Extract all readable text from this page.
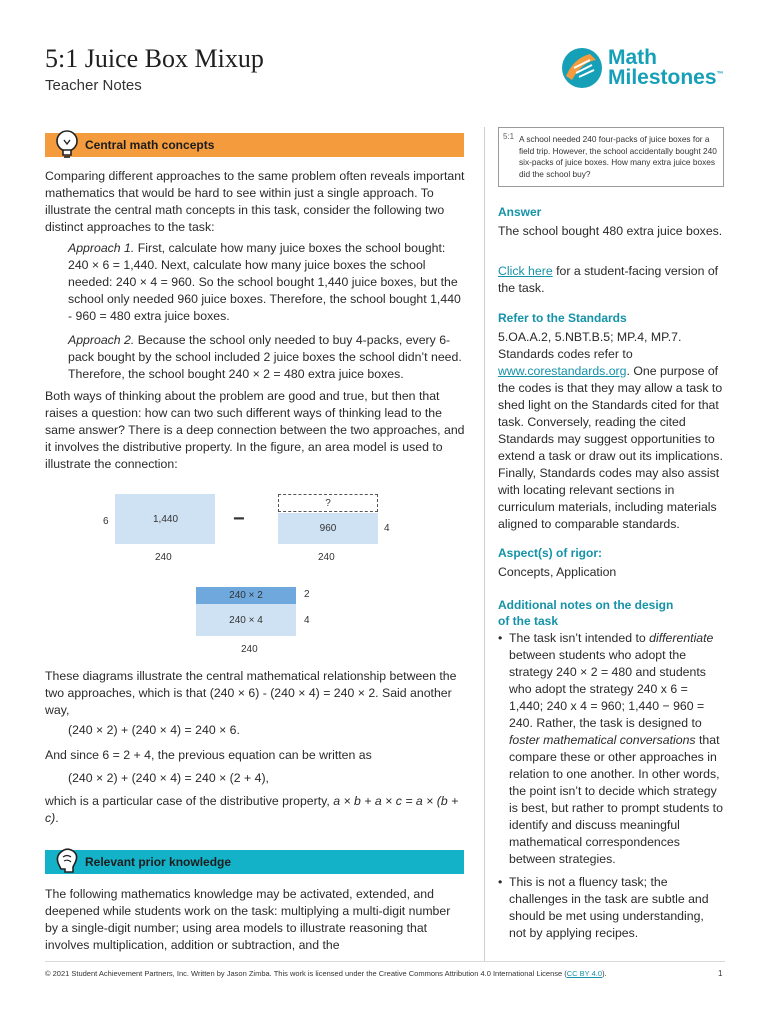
5:1 Juice Box Mixup
Teacher Notes
Math
Milestones™
Central math concepts
Comparing different approaches to the same problem often reveals important mathematics that would be hard to see within just a single approach. To illustrate the central math concepts in this task, consider the following two distinct approaches to the task:
Approach 1. First, calculate how many juice boxes the school bought: 240 × 6 = 1,440. Next, calculate how many juice boxes the school needed: 240 × 4 = 960. So the school bought 1,440 juice boxes, but the school only needed 960 juice boxes. Therefore, the school bought 1,440 - 960 = 480 extra juice boxes.
Approach 2. Because the school only needed to buy 4-packs, every 6-pack bought by the school included 2 juice boxes the school didn’t need. Therefore, the school bought 240 × 2 = 480 extra juice boxes.
Both ways of thinking about the problem are good and true, but then that raises a question: how can two such different ways of thinking lead to the same answer? There is a deep connection between the two approaches, and it involves the distributive property. In the figure, an area model is used to illustrate the connection:
6	1,440
240
−
?
960	4
240
240 × 2	2
240 × 4	4
240
These diagrams illustrate the central mathematical relationship between the two approaches, which is that (240 × 6) - (240 × 4) = 240 × 2. Said another way,
(240 × 2) + (240 × 4) = 240 × 6.
And since 6 = 2 + 4, the previous equation can be written as
(240 × 2) + (240 × 4) = 240 × (2 + 4),
which is a particular case of the distributive property, a × b + a × c = a × (b + c).
Relevant prior knowledge
The following mathematics knowledge may be activated, extended, and deepened while students work on the task: multiplying a multi-digit number by a single-digit number; using area models to illustrate reasoning that involves multiplication, addition or subtraction, and the
5:1 A school needed 240 four-packs of juice boxes for a field trip. However, the school accidentally bought 240 six-packs of juice boxes. How many extra juice boxes did the school buy?
Answer
The school bought 480 extra juice boxes.
Click here for a student-facing version of the task.
Refer to the Standards
5.OA.A.2, 5.NBT.B.5; MP.4, MP.7. Standards codes refer to www.corestandards.org. One purpose of the codes is that they may allow a task to shed light on the Standards cited for that task. Conversely, reading the cited Standards may suggest opportunities to extend a task or draw out its implications. Finally, Standards codes may also assist with locating relevant sections in curriculum materials, including materials aligned to comparable standards.
Aspect(s) of rigor:
Concepts, Application
Additional notes on the design
of the task
• The task isn’t intended to differentiate between students who adopt the strategy 240 × 2 = 480 and students who adopt the strategy 240 x 6 = 1,440; 240 x 4 = 960; 1,440 − 960 = 240. Rather, the task is designed to foster mathematical conversations that compare these or other approaches in relation to one another. In other words, the point isn’t to decide which strategy is best, but rather to prompt students to identify and discuss meaningful mathematical correspondences between strategies.
• This is not a fluency task; the challenges in the task are subtle and should be met using understanding, not by applying recipes.
© 2021 Student Achievement Partners, Inc. Written by Jason Zimba. This work is licensed under the Creative Commons Attribution 4.0 International License (CC BY 4.0).	1
